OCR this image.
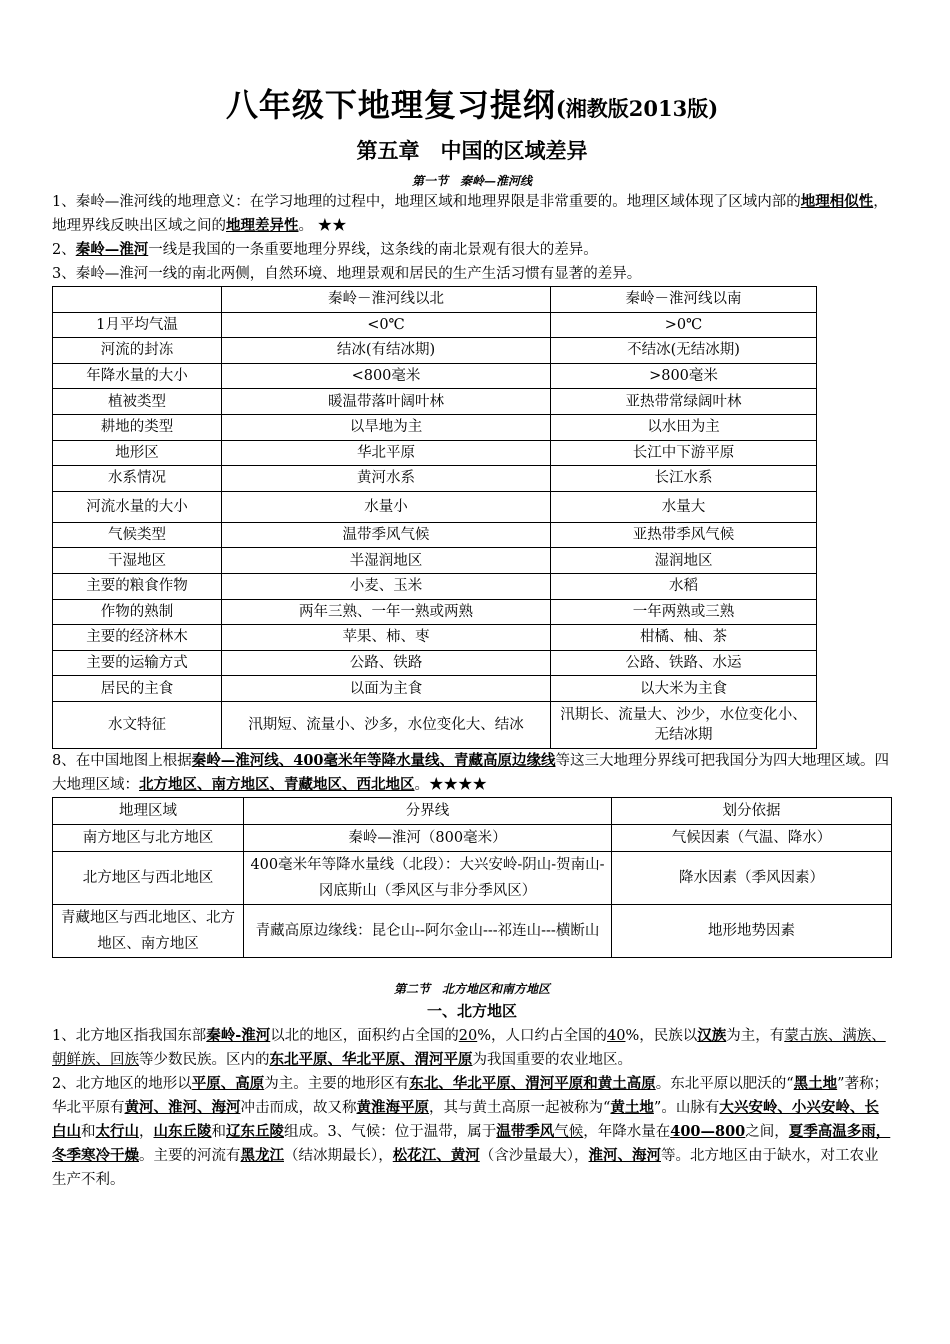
八年级下地理复习提纲(湘教版2013版)
第五章　中国的区域差异
第一节　秦岭—淮河线

1、秦岭—淮河线的地理意义：在学习地理的过程中，地理区域和地理界限是非常重要的。地理区域体现了区域内部的地理相似性，地理界线反映出区域之间的地理差异性。 ★★

2、秦岭—淮河一线是我国的一条重要地理分界线，这条线的南北景观有很大的差异。

3、秦岭—淮河一线的南北两侧，自然环境、地理景观和居民的生产生活习惯有显著的差异。

	秦岭－淮河线以北	秦岭－淮河线以南
1月平均气温	<0℃	>0℃
河流的封冻	结冰(有结冰期)	不结冰(无结冰期)
年降水量的大小	<800毫米	>800毫米
植被类型	暖温带落叶阔叶林	亚热带常绿阔叶林
耕地的类型	以旱地为主	以水田为主
地形区	华北平原	长江中下游平原
水系情况	黄河水系	长江水系
河流水量的大小	水量小	水量大
气候类型	温带季风气候	亚热带季风气候
干湿地区	半湿润地区	湿润地区
主要的粮食作物	小麦、玉米	水稻
作物的熟制	两年三熟、一年一熟或两熟	一年两熟或三熟
主要的经济林木	苹果、柿、枣	柑橘、柚、茶
主要的运输方式	公路、铁路	公路、铁路、水运
居民的主食	以面为主食	以大米为主食
水文特征	汛期短、流量小、沙多，水位变化大、结冰	汛期长、流量大、沙少，水位变化小、无结冰期

8、在中国地图上根据秦岭—淮河线、400毫米年等降水量线、青藏高原边缘线等这三大地理分界线可把我国分为四大地理区域。四大地理区域：北方地区、南方地区、青藏地区、西北地区。★★★★

地理区域	分界线	划分依据
南方地区与北方地区	秦岭—淮河（800毫米）	气候因素（气温、降水）
北方地区与西北地区	400毫米年等降水量线（北段）：大兴安岭-阴山-贺南山-冈底斯山（季风区与非分季风区）	降水因素（季风因素）
青藏地区与西北地区、北方地区、南方地区	青藏高原边缘线：昆仑山--阿尔金山---祁连山---横断山	地形地势因素
第二节　北方地区和南方地区
一、北方地区

1、北方地区指我国东部秦岭-淮河以北的地区，面积约占全国的20%，人口约占全国的40%，民族以汉族为主，有蒙古族、满族、朝鲜族、回族等少数民族。区内的东北平原、华北平原、渭河平原为我国重要的农业地区。

2、北方地区的地形以平原、高原为主。主要的地形区有东北、华北平原、渭河平原和黄土高原。东北平原以肥沃的“黑土地”著称；华北平原有黄河、淮河、海河冲击而成，故又称黄淮海平原，其与黄土高原一起被称为“黄土地”。山脉有大兴安岭、小兴安岭、长白山和太行山，山东丘陵和辽东丘陵组成。3、气候：位于温带，属于温带季风气候，年降水量在400—800之间，夏季高温多雨，冬季寒冷干燥。主要的河流有黑龙江（结冰期最长），松花江、黄河（含沙量最大），淮河、海河等。北方地区由于缺水，对工农业生产不利。
